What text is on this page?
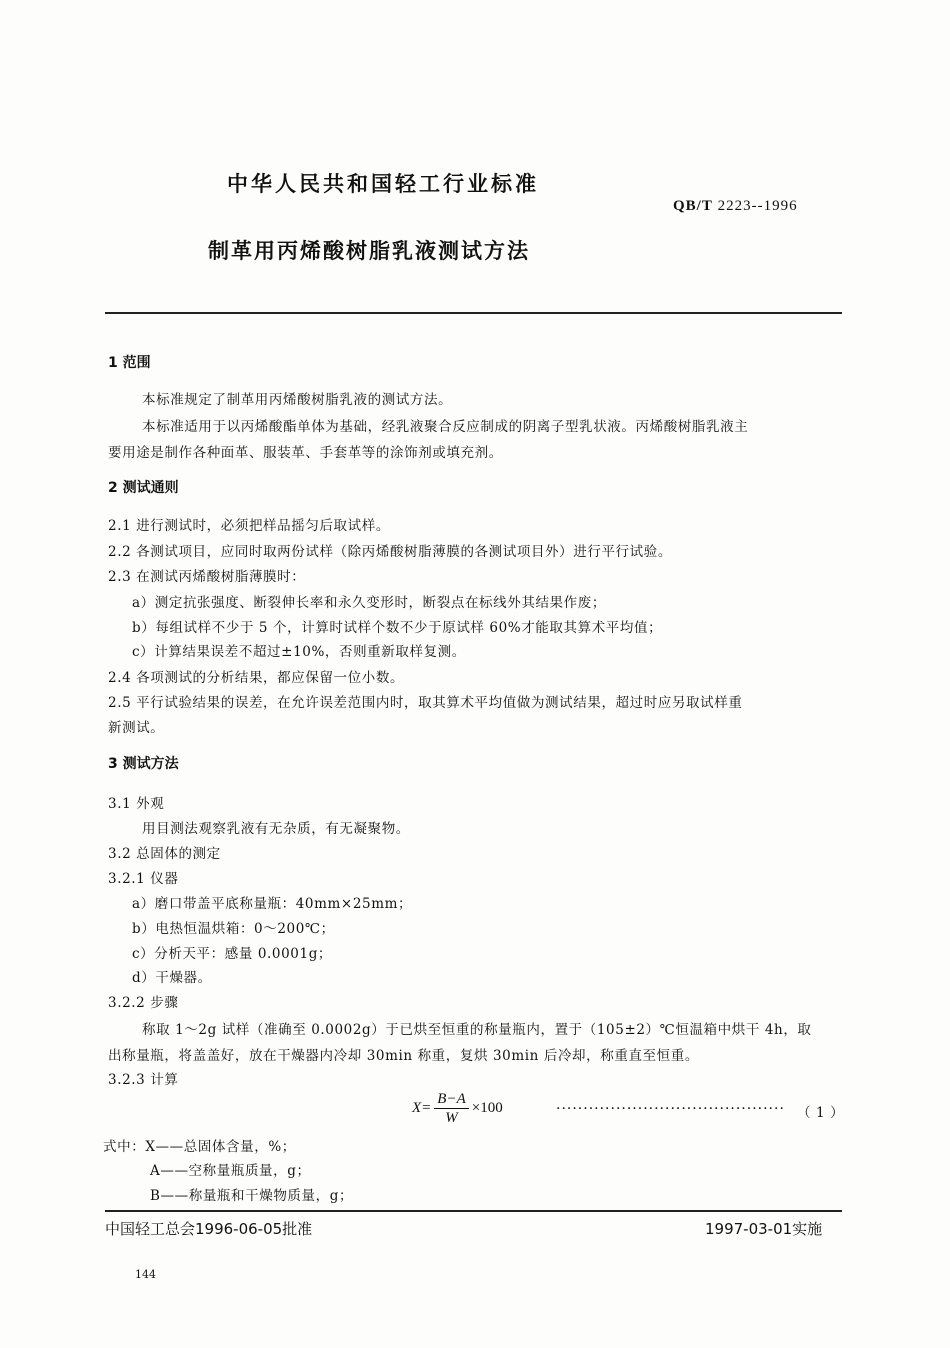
中华人民共和国轻工行业标准
QB/T 2223--1996
制革用丙烯酸树脂乳液测试方法
1 范围
本标准规定了制革用丙烯酸树脂乳液的测试方法。
本标准适用于以丙烯酸酯单体为基础，经乳液聚合反应制成的阴离子型乳状液。丙烯酸树脂乳液主
要用途是制作各种面革、服装革、手套革等的涂饰剂或填充剂。
2 测试通则
2.1 进行测试时，必须把样品摇匀后取试样。
2.2 各测试项目，应同时取两份试样（除丙烯酸树脂薄膜的各测试项目外）进行平行试验。
2.3 在测试丙烯酸树脂薄膜时：
a）测定抗张强度、断裂伸长率和永久变形时，断裂点在标线外其结果作废；
b）每组试样不少于 5 个，计算时试样个数不少于原试样 60%才能取其算术平均值；
c）计算结果误差不超过±10%，否则重新取样复测。
2.4 各项测试的分析结果，都应保留一位小数。
2.5 平行试验结果的误差，在允许误差范围内时，取其算术平均值做为测试结果，超过时应另取试样重
新测试。
3 测试方法
3.1 外观
用目测法观察乳液有无杂质，有无凝聚物。
3.2 总固体的测定
3.2.1 仪器
a）磨口带盖平底称量瓶：40mm×25mm；
b）电热恒温烘箱：0～200℃；
c）分析天平：感量 0.0001g；
d）干燥器。
3.2.2 步骤
称取 1～2g 试样（准确至 0.0002g）于已烘至恒重的称量瓶内，置于（105±2）℃恒温箱中烘干 4h，取
出称量瓶，将盖盖好，放在干燥器内冷却 30min 称重，复烘 30min 后冷却，称重直至恒重。
3.2.3 计算
$X= \frac{B-A}{W} \times 100$	·········································· （ 1 ）
式中：X——总固体含量，%；
A——空称量瓶质量，g；
B——称量瓶和干燥物质量，g；
中国轻工总会1996-06-05批准	1997-03-01实施
144
